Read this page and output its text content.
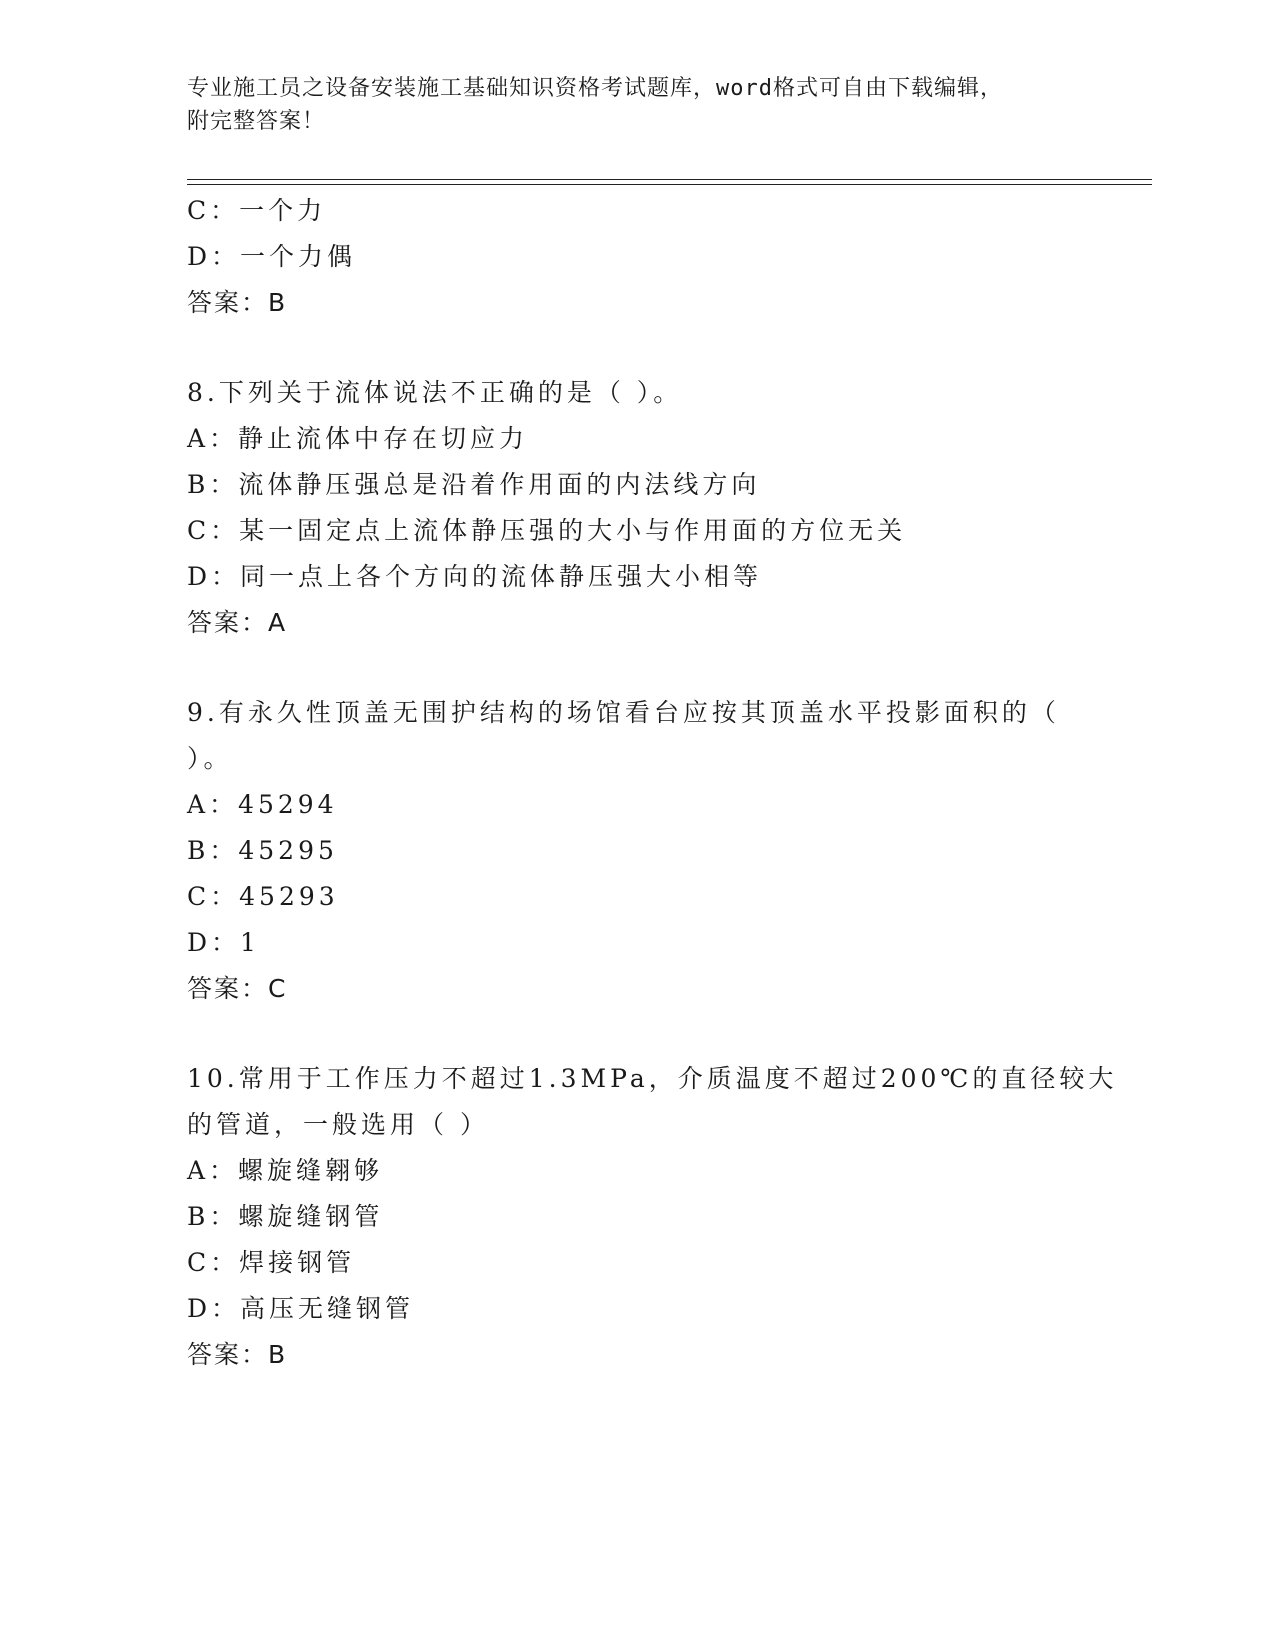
专业施工员之设备安装施工基础知识资格考试题库，word格式可自由下载编辑，
附完整答案！
C：一个力
D：一个力偶
答案：B
8.下列关于流体说法不正确的是（ ）。
A：静止流体中存在切应力
B：流体静压强总是沿着作用面的内法线方向
C：某一固定点上流体静压强的大小与作用面的方位无关
D：同一点上各个方向的流体静压强大小相等
答案：A
9.有永久性顶盖无围护结构的场馆看台应按其顶盖水平投影面积的（
）。
A：45294
B：45295
C：45293
D：1
答案：C
10.常用于工作压力不超过1.3MPa，介质温度不超过200℃的直径较大
的管道，一般选用（ ）
A：螺旋缝翱够
B：螺旋缝钢管
C：焊接钢管
D：高压无缝钢管
答案：B
